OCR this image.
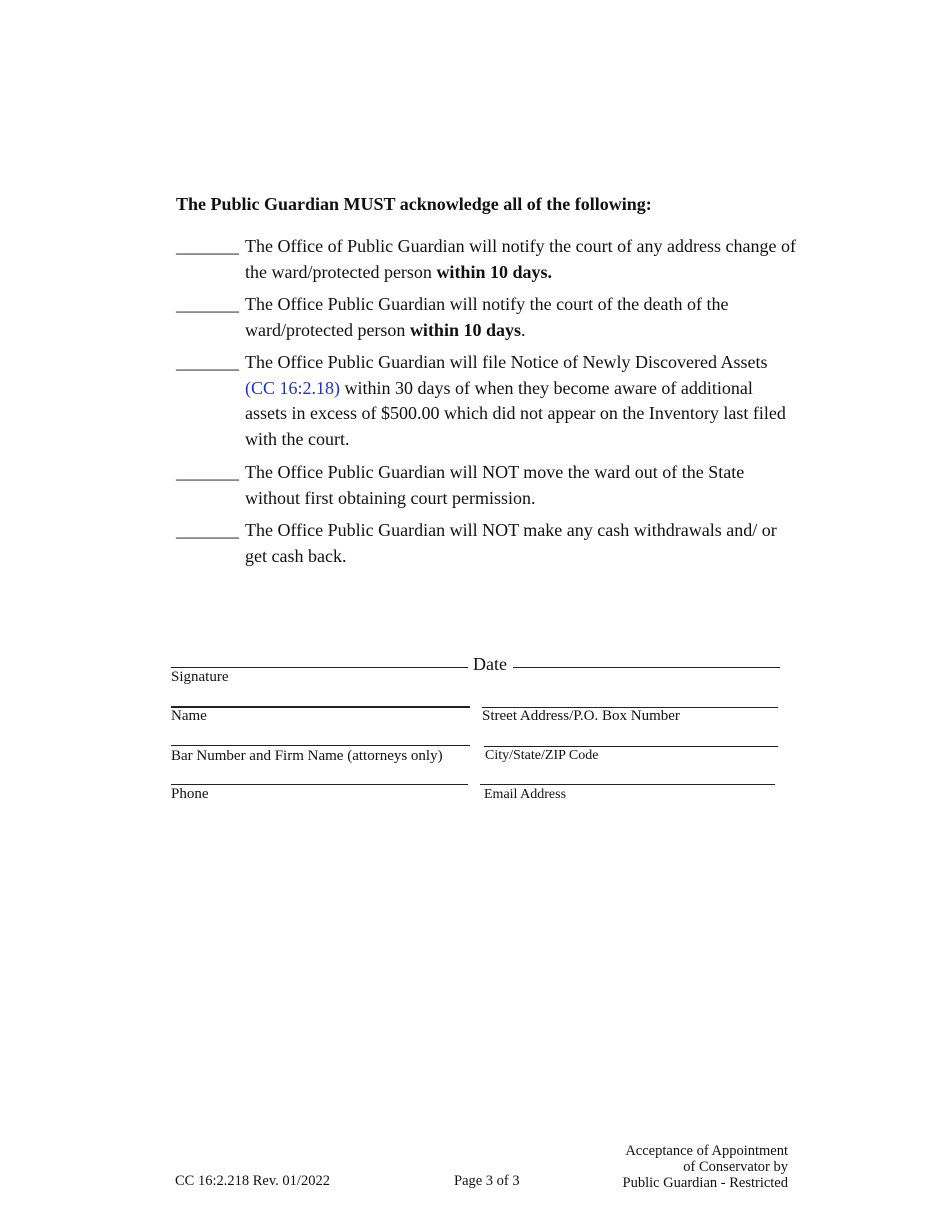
The Public Guardian MUST acknowledge all of the following:
_______ The Office of Public Guardian will notify the court of any address change of the ward/protected person within 10 days.
_______ The Office Public Guardian will notify the court of the death of the ward/protected person within 10 days.
_______ The Office Public Guardian will file Notice of Newly Discovered Assets (CC 16:2.18) within 30 days of when they become aware of additional assets in excess of $500.00 which did not appear on the Inventory last filed with the court.
_______ The Office Public Guardian will NOT move the ward out of the State without first obtaining court permission.
_______ The Office Public Guardian will NOT make any cash withdrawals and/ or get cash back.
Date
Signature
Name	Street Address/P.O. Box Number
Bar Number and Firm Name (attorneys only)	City/State/ZIP Code
Phone	Email Address
CC 16:2.218 Rev. 01/2022	Page 3 of 3
Acceptance of Appointment
of Conservator by
Public Guardian - Restricted
